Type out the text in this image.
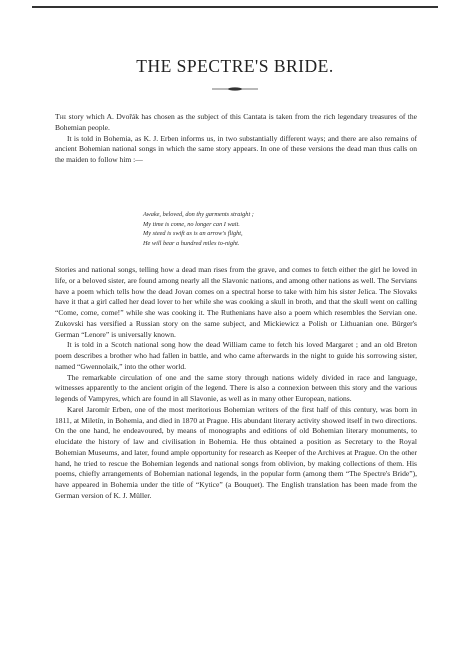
THE SPECTRE'S BRIDE.

The story which A. Dvořák has chosen as the subject of this Cantata is taken from the rich legendary treasures of the Bohemian people.

It is told in Bohemia, as K. J. Erben informs us, in two substantially different ways; and there are also remains of ancient Bohemian national songs in which the same story appears. In one of these versions the dead man thus calls on the maiden to follow him :—

Awake, beloved, don thy garments straight ;
My time is come, no longer can I wait.
My steed is swift as is an arrow's flight,
He will bear a hundred miles to-night.

Stories and national songs, telling how a dead man rises from the grave, and comes to fetch either the girl he loved in life, or a beloved sister, are found among nearly all the Slavonic nations, and among other nations as well. The Servians have a poem which tells how the dead Jovan comes on a spectral horse to take with him his sister Jelica. The Slovaks have it that a girl called her dead lover to her while she was cooking a skull in broth, and that the skull went on calling “Come, come, come!” while she was cooking it. The Ruthenians have also a poem which resembles the Servian one. Zukovski has versified a Russian story on the same subject, and Mickiewicz a Polish or Lithuanian one. Bürger's German “Lenore” is universally known.

It is told in a Scotch national song how the dead William came to fetch his loved Margaret ; and an old Breton poem describes a brother who had fallen in battle, and who came afterwards in the night to guide his sorrowing sister, named “Gwennolaik,” into the other world.

The remarkable circulation of one and the same story through nations widely divided in race and language, witnesses apparently to the ancient origin of the legend. There is also a connexion between this story and the various legends of Vampyres, which are found in all Slavonie, as well as in many other European, nations.

Karel Jaromír Erben, one of the most meritorious Bohemian writers of the first half of this century, was born in 1811, at Miletín, in Bohemia, and died in 1870 at Prague. His abundant literary activity showed itself in two directions. On the one hand, he endeavoured, by means of monographs and editions of old Bohemian literary monuments, to elucidate the history of law and civilisation in Bohemia. He thus obtained a position as Secretary to the Royal Bohemian Museums, and later, found ample opportunity for research as Keeper of the Archives at Prague. On the other hand, he tried to rescue the Bohemian legends and national songs from oblivion, by making collections of them. His poems, chiefly arrangements of Bohemian national legends, in the popular form (among them “The Spectre's Bride”), have appeared in Bohemia under the title of “Kytice” (a Bouquet). The English translation has been made from the German version of K. J. Müller.
